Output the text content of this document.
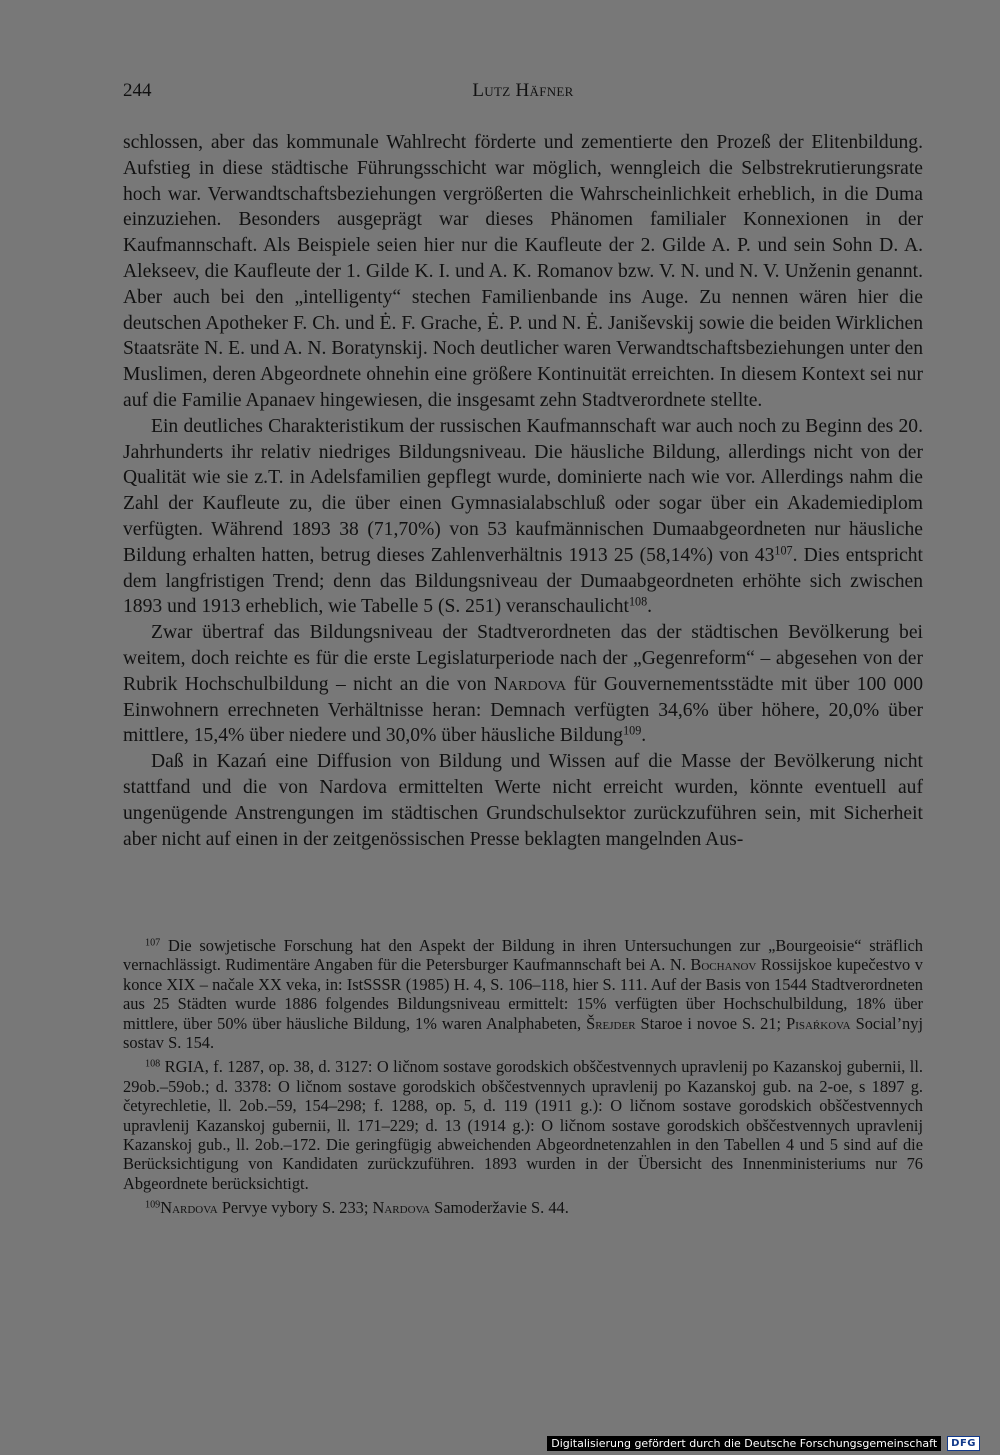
244	Lutz Häfner

schlossen, aber das kommunale Wahlrecht förderte und zementierte den Prozeß der Elitenbildung. Aufstieg in diese städtische Führungsschicht war möglich, wenngleich die Selbstrekrutierungsrate hoch war. Verwandtschaftsbeziehungen vergrößerten die Wahrscheinlichkeit erheblich, in die Duma einzuziehen. Besonders ausgeprägt war dieses Phänomen familialer Konnexionen in der Kaufmannschaft. Als Beispiele seien hier nur die Kaufleute der 2. Gilde A. P. und sein Sohn D. A. Alekseev, die Kaufleute der 1. Gilde K. I. und A. K. Romanov bzw. V. N. und N. V. Unženin genannt. Aber auch bei den „intelligenty“ stechen Familienbande ins Auge. Zu nennen wären hier die deutschen Apotheker F. Ch. und Ė. F. Grache, Ė. P. und N. Ė. Janiševskij sowie die beiden Wirklichen Staatsräte N. E. und A. N. Boratynskij. Noch deutlicher waren Verwandtschaftsbeziehungen unter den Muslimen, deren Abgeordnete ohnehin eine größere Kontinuität erreichten. In diesem Kontext sei nur auf die Familie Apanaev hingewiesen, die insgesamt zehn Stadtverordnete stellte.

Ein deutliches Charakteristikum der russischen Kaufmannschaft war auch noch zu Beginn des 20. Jahrhunderts ihr relativ niedriges Bildungsniveau. Die häusliche Bildung, allerdings nicht von der Qualität wie sie z.T. in Adelsfamilien gepflegt wurde, dominierte nach wie vor. Allerdings nahm die Zahl der Kaufleute zu, die über einen Gymnasialabschluß oder sogar über ein Akademiediplom verfügten. Während 1893 38 (71,70%) von 53 kaufmännischen Dumaabgeordneten nur häusliche Bildung erhalten hatten, betrug dieses Zahlenverhältnis 1913 25 (58,14%) von $43^{107}$. Dies entspricht dem langfristigen Trend; denn das Bildungsniveau der Dumaabgeordneten erhöhte sich zwischen 1893 und 1913 erheblich, wie Tabelle 5 (S. 251) veranschaulicht$^{108}$.

Zwar übertraf das Bildungsniveau der Stadtverordneten das der städtischen Bevölkerung bei weitem, doch reichte es für die erste Legislaturperiode nach der „Gegenreform“ – abgesehen von der Rubrik Hochschulbildung – nicht an die von Nardova für Gouvernementsstädte mit über 100 000 Einwohnern errechneten Verhältnisse heran: Demnach verfügten 34,6% über höhere, 20,0% über mittlere, 15,4% über niedere und 30,0% über häusliche Bildung$^{109}$.

Daß in Kazań eine Diffusion von Bildung und Wissen auf die Masse der Bevölkerung nicht stattfand und die von Nardova ermittelten Werte nicht erreicht wurden, könnte eventuell auf ungenügende Anstrengungen im städtischen Grundschulsektor zurückzuführen sein, mit Sicherheit aber nicht auf einen in der zeitgenössischen Presse beklagten mangelnden Aus-

$^{107}$ Die sowjetische Forschung hat den Aspekt der Bildung in ihren Untersuchungen zur „Bourgeoisie“ sträflich vernachlässigt. Rudimentäre Angaben für die Petersburger Kaufmannschaft bei A. N. Bochanov Rossijskoe kupečestvo v konce XIX – načale XX veka, in: IstSSSR (1985) H. 4, S. 106–118, hier S. 111. Auf der Basis von 1544 Stadtverordneten aus 25 Städten wurde 1886 folgendes Bildungsniveau ermittelt: 15% verfügten über Hochschulbildung, 18% über mittlere, über 50% über häusliche Bildung, 1% waren Analphabeten, Šrejder Staroe i novoe S. 21; Pisaŕkova Social’nyj sostav S. 154.

$^{108}$ RGIA, f. 1287, op. 38, d. 3127: O ličnom sostave gorodskich obščestvennych upravlenij po Kazanskoj gubernii, ll. 29ob.–59ob.; d. 3378: O ličnom sostave gorodskich obščestvennych upravlenij po Kazanskoj gub. na 2-oe, s 1897 g. četyrechletie, ll. 2ob.–59, 154–298; f. 1288, op. 5, d. 119 (1911 g.): O ličnom sostave gorodskich obščestvennych upravlenij Kazanskoj gubernii, ll. 171–229; d. 13 (1914 g.): O ličnom sostave gorodskich obščestvennych upravlenij Kazanskoj gub., ll. 2ob.–172. Die geringfügig abweichenden Abgeordnetenzahlen in den Tabellen 4 und 5 sind auf die Berücksichtigung von Kandidaten zurückzuführen. 1893 wurden in der Übersicht des Innenministeriums nur 76 Abgeordnete berücksichtigt.

$^{109}$Nardova Pervye vybory S. 233; Nardova Samoderžavie S. 44.

Digitalisierung gefördert durch die Deutsche Forschungsgemeinschaft	DFG
